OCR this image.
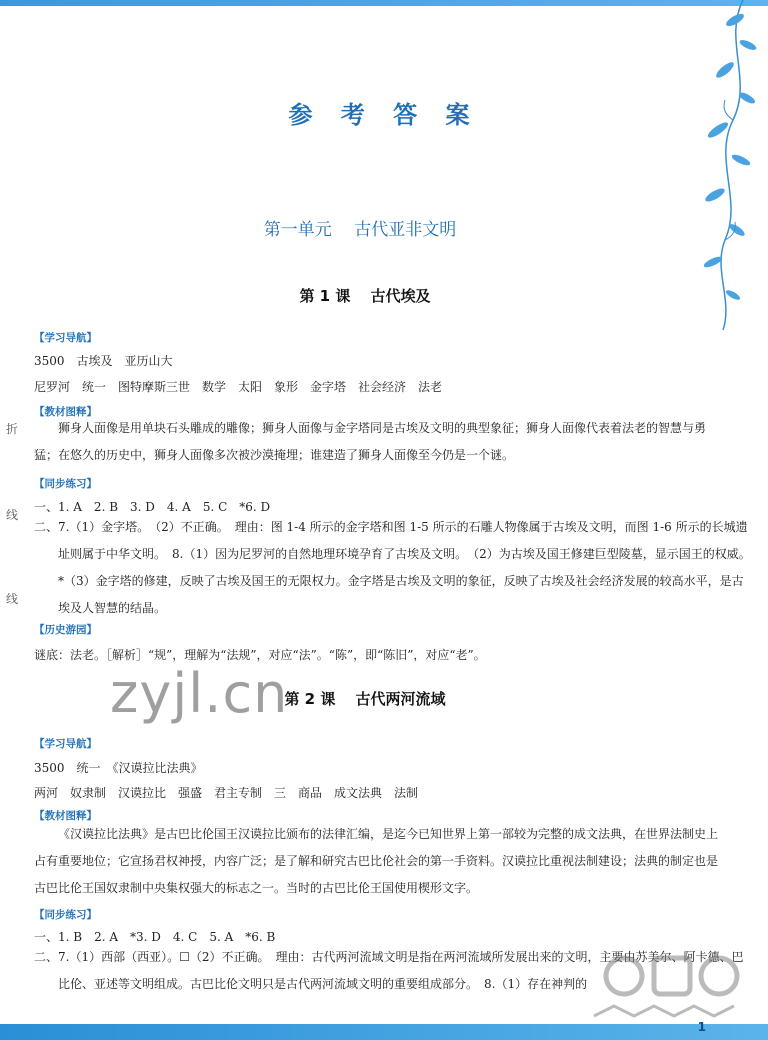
参 考 答 案
第一单元　 古代亚非文明
第 1 课　 古代埃及
【学习导航】
3500　古埃及　亚历山大
尼罗河　统一　图特摩斯三世　数学　太阳　象形　金字塔　社会经济　法老
【教材图释】
狮身人面像是用单块石头雕成的雕像；狮身人面像与金字塔同是古埃及文明的典型象征；狮身人面像代表着法老的智慧与勇猛；在悠久的历史中，狮身人面像多次被沙漠掩埋；谁建造了狮身人面像至今仍是一个谜。
【同步练习】
一、1. A　2. B　3. D　4. A　5. C　*6. D
二、7.（1）金字塔。　（2）不正确。　理由：图 1-4 所示的金字塔和图 1-5 所示的石雕人物像属于古埃及文明，而图 1-6 所示的长城遗址则属于中华文明。　8.（1）因为尼罗河的自然地理环境孕育了古埃及文明。　（2）为古埃及国王修建巨型陵墓，显示国王的权威。　*（3）金字塔的修建，反映了古埃及国王的无限权力。金字塔是古埃及文明的象征，反映了古埃及社会经济发展的较高水平，是古埃及人智慧的结晶。
【历史游园】
谜底：法老。［解析］“规”，理解为“法规”，对应“法”。“陈”，即“陈旧”，对应“老”。
zyjl.cn
第 2 课　 古代两河流域
【学习导航】
3500　统一　《汉谟拉比法典》
两河　奴隶制　汉谟拉比　强盛　君主专制　三　商品　成文法典　法制
【教材图释】
《汉谟拉比法典》是古巴比伦国王汉谟拉比颁布的法律汇编，是迄今已知世界上第一部较为完整的成文法典，在世界法制史上占有重要地位；它宣扬君权神授，内容广泛；是了解和研究古巴比伦社会的第一手资料。汉谟拉比重视法制建设；法典的制定也是古巴比伦王国奴隶制中央集权强大的标志之一。当时的古巴比伦王国使用楔形文字。
【同步练习】
一、1. B　2. A　*3. D　4. C　5. A　*6. B
二、7.（1）西部（西亚）。☐（2）不正确。　理由：古代两河流域文明是指在两河流域所发展出来的文明，主要由苏美尔、阿卡德、巴比伦、亚述等文明组成。古巴比伦文明只是古代两河流域文明的重要组成部分。　8.（1）存在神判的
折
线
线
1
